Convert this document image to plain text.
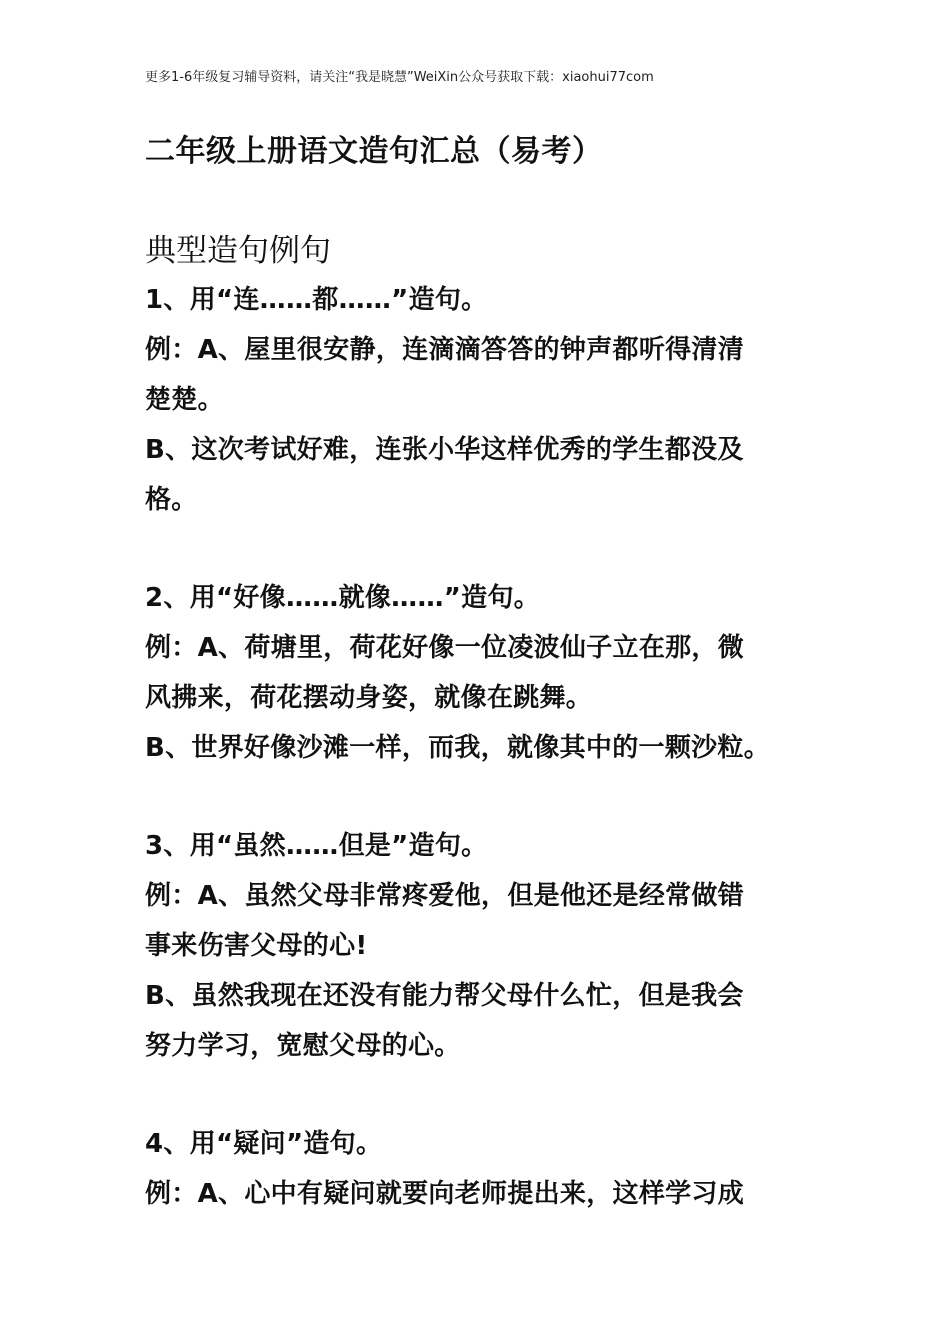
更多1-6年级复习辅导资料，请关注“我是晓慧”WeiXin公众号获取下载：xiaohui77com
二年级上册语文造句汇总（易考）
典型造句例句
1、用“连……都……”造句。
例：A、屋里很安静，连滴滴答答的钟声都听得清清
楚楚。
B、这次考试好难，连张小华这样优秀的学生都没及
格。
2、用“好像……就像……”造句。
例：A、荷塘里，荷花好像一位凌波仙子立在那，微
风拂来，荷花摆动身姿，就像在跳舞。
B、世界好像沙滩一样，而我，就像其中的一颗沙粒。
3、用“虽然……但是”造句。
例：A、虽然父母非常疼爱他，但是他还是经常做错
事来伤害父母的心!
B、虽然我现在还没有能力帮父母什么忙，但是我会
努力学习，宽慰父母的心。
4、用“疑问”造句。
例：A、心中有疑问就要向老师提出来，这样学习成
